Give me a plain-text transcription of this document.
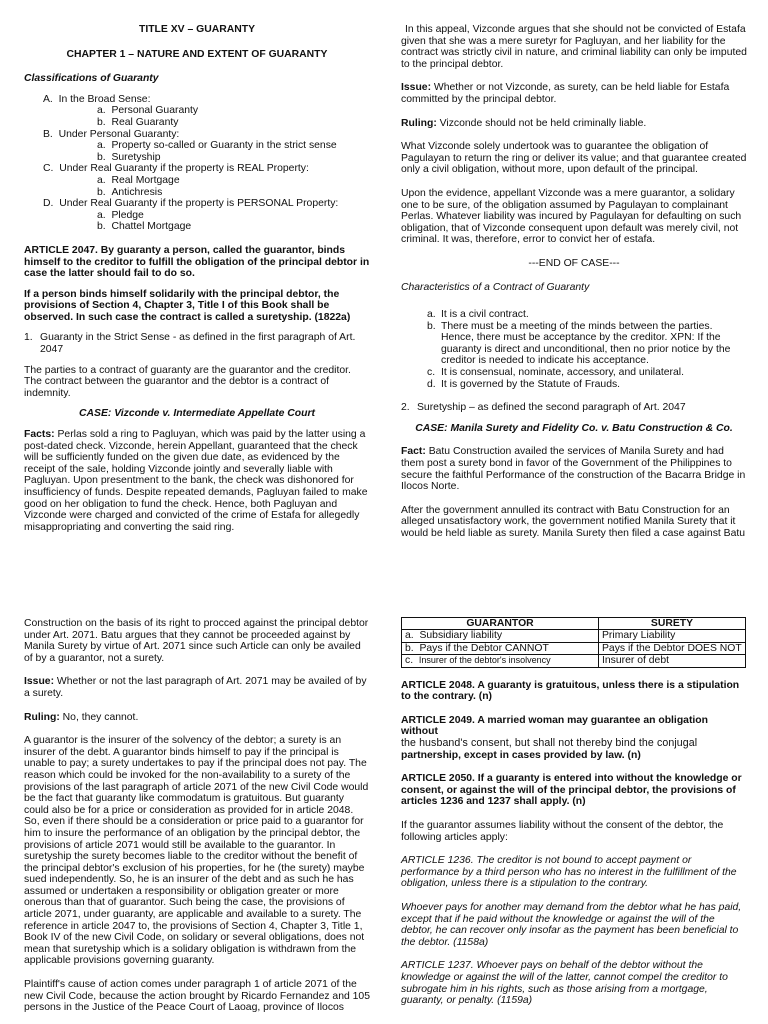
TITLE XV – GUARANTY

CHAPTER 1 – NATURE AND EXTENT OF GUARANTY

Classifications of Guaranty

A. In the Broad Sense:
a. Personal Guaranty
b. Real Guaranty
B. Under Personal Guaranty:
a. Property so-called or Guaranty in the strict sense
b. Suretyship
C. Under Real Guaranty if the property is REAL Property:
a. Real Mortgage
b. Antichresis
D. Under Real Guaranty if the property is PERSONAL Property:
a. Pledge
b. Chattel Mortgage

ARTICLE 2047. By guaranty a person, called the guarantor, binds himself to the creditor to fulfill the obligation of the principal debtor in case the latter should fail to do so.

If a person binds himself solidarily with the principal debtor, the provisions of Section 4, Chapter 3, Title I of this Book shall be observed. In such case the contract is called a suretyship. (1822a)

1. Guaranty in the Strict Sense - as defined in the first paragraph of Art. 2047

The parties to a contract of guaranty are the guarantor and the creditor. The contract between the guarantor and the debtor is a contract of indemnity.

CASE: Vizconde v. Intermediate Appellate Court

Facts: Perlas sold a ring to Pagluyan, which was paid by the latter using a post-dated check. Vizconde, herein Appellant, guaranteed that the check will be sufficiently funded on the given due date, as evidenced by the receipt of the sale, holding Vizconde jointly and severally liable with Pagluyan. Upon presentment to the bank, the check was dishonored for insufficiency of funds. Despite repeated demands, Pagluyan failed to make good on her obligation to fund the check. Hence, both Pagluyan and Vizconde were charged and convicted of the crime of Estafa for allegedly misappropriating and converting the said ring.

In this appeal, Vizconde argues that she should not be convicted of Estafa given that she was a mere suretyr for Pagluyan, and her liability for the contract was strictly civil in nature, and criminal liability can only be imputed to the principal debtor.

Issue: Whether or not Vizconde, as surety, can be held liable for Estafa committed by the principal debtor.

Ruling: Vizconde should not be held criminally liable.

What Vizconde solely undertook was to guarantee the obligation of Pagulayan to return the ring or deliver its value; and that guarantee created only a civil obligation, without more, upon default of the principal.

Upon the evidence, appellant Vizconde was a mere guarantor, a solidary one to be sure, of the obligation assumed by Pagulayan to complainant Perlas. Whatever liability was incured by Pagulayan for defaulting on such obligation, that of Vizconde consequent upon default was merely civil, not criminal. It was, therefore, error to convict her of estafa.

---END OF CASE---

Characteristics of a Contract of Guaranty

a. It is a civil contract.
b. There must be a meeting of the minds between the parties. Hence, there must be acceptance by the creditor. XPN: If the guaranty is direct and unconditional, then no prior notice by the creditor is needed to indicate his acceptance.
c. It is consensual, nominate, accessory, and unilateral.
d. It is governed by the Statute of Frauds.

2. Suretyship – as defined the second paragraph of Art. 2047

CASE: Manila Surety and Fidelity Co. v. Batu Construction & Co.

Fact: Batu Construction availed the services of Manila Surety and had them post a surety bond in favor of the Government of the Philippines to secure the faithful Performance of the construction of the Bacarra Bridge in Ilocos Norte.

After the government annulled its contract with Batu Construction for an alleged unsatisfactory work, the government notified Manila Surety that it would be held liable as surety. Manila Surety then filed a case against Batu

Construction on the basis of its right to procced against the principal debtor under Art. 2071. Batu argues that they cannot be proceeded against by Manila Surety by virtue of Art. 2071 since such Article can only be availed of by a guarantor, not a surety.

Issue: Whether or not the last paragraph of Art. 2071 may be availed of by a surety.

Ruling: No, they cannot.

A guarantor is the insurer of the solvency of the debtor; a surety is an insurer of the debt. A guarantor binds himself to pay if the principal is unable to pay; a surety undertakes to pay if the principal does not pay. The reason which could be invoked for the non-availability to a surety of the provisions of the last paragraph of article 2071 of the new Civil Code would be the fact that guaranty like commodatum is gratuitous. But guaranty could also be for a price or consideration as provided for in article 2048. So, even if there should be a consideration or price paid to a guarantor for him to insure the performance of an obligation by the principal debtor, the provisions of article 2071 would still be available to the guarantor. In suretyship the surety becomes liable to the creditor without the benefit of the principal debtor's exclusion of his properties, for he (the surety) maybe sued independently. So, he is an insurer of the debt and as such he has assumed or undertaken a responsibility or obligation greater or more onerous than that of guarantor. Such being the case, the provisions of article 2071, under guaranty, are applicable and available to a surety. The reference in article 2047 to, the provisions of Section 4, Chapter 3, Title 1, Book IV of the new Civil Code, on solidary or several obligations, does not mean that suretyship which is a solidary obligation is withdrawn from the applicable provisions governing guaranty.

Plaintiff's cause of action comes under paragraph 1 of article 2071 of the new Civil Code, because the action brought by Ricardo Fernandez and 105 persons in the Justice of the Peace Court of Laoag, province of Ilocos

GUARANTOR	SURETY
a. Subsidiary liability	Primary Liability
b. Pays if the Debtor CANNOT	Pays if the Debtor DOES NOT
c. Insurer of the debtor's insolvency	Insurer of debt

ARTICLE 2048. A guaranty is gratuitous, unless there is a stipulation to the contrary. (n)

ARTICLE 2049. A married woman may guarantee an obligation without
the husband's consent, but shall not thereby bind the conjugal
partnership, except in cases provided by law. (n)

ARTICLE 2050. If a guaranty is entered into without the knowledge or consent, or against the will of the principal debtor, the provisions of articles 1236 and 1237 shall apply. (n)

If the guarantor assumes liability without the consent of the debtor, the following articles apply:

ARTICLE 1236. The creditor is not bound to accept payment or performance by a third person who has no interest in the fulfillment of the obligation, unless there is a stipulation to the contrary.

Whoever pays for another may demand from the debtor what he has paid, except that if he paid without the knowledge or against the will of the debtor, he can recover only insofar as the payment has been beneficial to the debtor. (1158a)

ARTICLE 1237. Whoever pays on behalf of the debtor without the knowledge or against the will of the latter, cannot compel the creditor to subrogate him in his rights, such as those arising from a mortgage, guaranty, or penalty. (1159a)
